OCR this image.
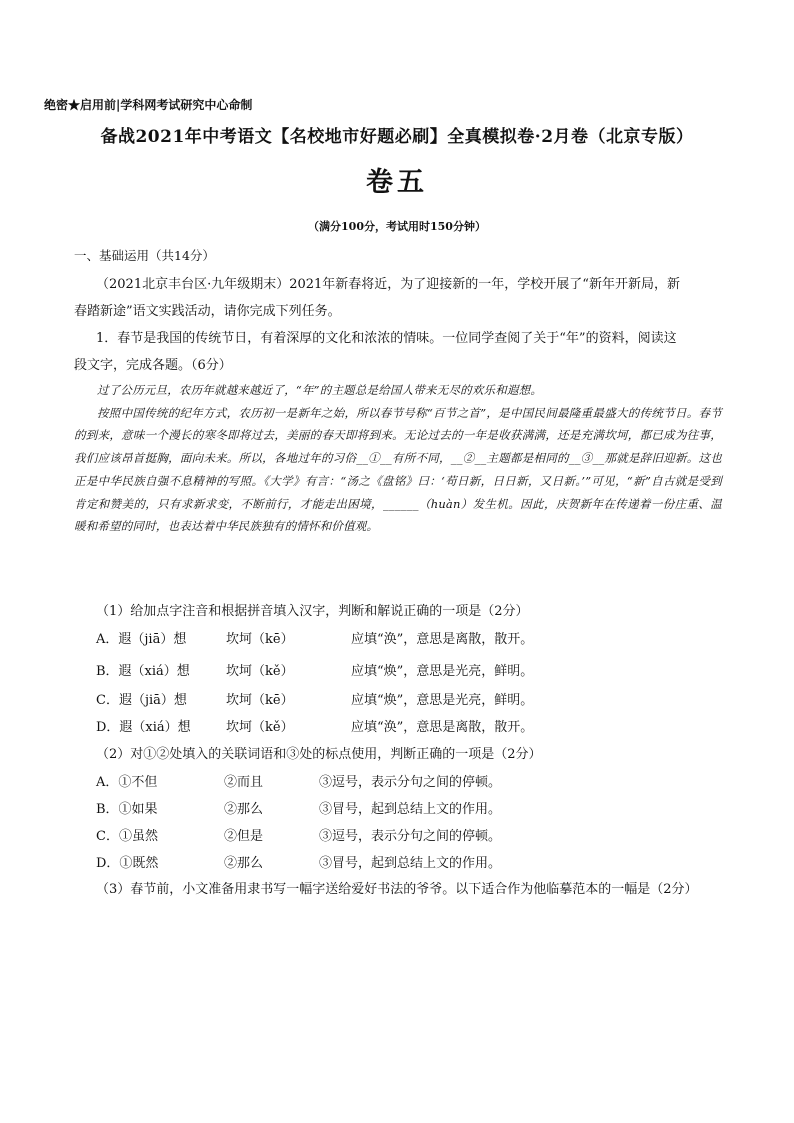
绝密★启用前|学科网考试研究中心命制
备战2021年中考语文【名校地市好题必刷】全真模拟卷·2月卷（北京专版）
卷五
（满分100分，考试用时150分钟）
一、基础运用（共14分）
（2021北京丰台区·九年级期末）2021年新春将近，为了迎接新的一年，学校开展了“新年开新局，新
春踏新途”语文实践活动，请你完成下列任务。
1．春节是我国的传统节日，有着深厚的文化和浓浓的情味。一位同学查阅了关于“年”的资料，阅读这
段文字，完成各题。（6分）

过了公历元旦，农历年就越来越近了，“年”的主题总是给国人带来无尽的欢乐和遐想。

按照中国传统的纪年方式，农历初一是新年之始，所以春节号称“百节之首”，是中国民间最隆重最盛大的传统节日。春节的到来，意味一个漫长的寒冬即将过去，美丽的春天即将到来。无论过去的一年是收获满满，还是充满坎坷，都已成为往事，我们应该昂首挺胸，面向未来。所以，各地过年的习俗__①__有所不同，__②__主题都是相同的__③__那就是辞旧迎新。这也正是中华民族自强不息精神的写照。《大学》有言：“汤之《盘铭》曰：‘苟日新，日日新，又日新。’”可见，“新”自古就是受到肯定和赞美的，只有求新求变，不断前行，才能走出困境，______（huàn）发生机。因此，庆贺新年在传递着一份庄重、温暖和希望的同时，也表达着中华民族独有的情怀和价值观。

（1）给加点字注音和根据拼音填入汉字，判断和解说正确的一项是（2分）
A．遐（jiā）想	坎坷（kē）	应填“涣”，意思是离散，散开。
B．遐（xiá）想	坎坷（kě）	应填“焕”，意思是光亮，鲜明。
C．遐（jiā）想	坎坷（kē）	应填“焕”，意思是光亮，鲜明。
D．遐（xiá）想	坎坷（kě）	应填“涣”，意思是离散，散开。
（2）对①②处填入的关联词语和③处的标点使用，判断正确的一项是（2分）
A．①不但	②而且	③逗号，表示分句之间的停顿。
B．①如果	②那么	③冒号，起到总结上文的作用。
C．①虽然	②但是	③逗号，表示分句之间的停顿。
D．①既然	②那么	③冒号，起到总结上文的作用。
（3）春节前，小文准备用隶书写一幅字送给爱好书法的爷爷。以下适合作为他临摹范本的一幅是（2分）
